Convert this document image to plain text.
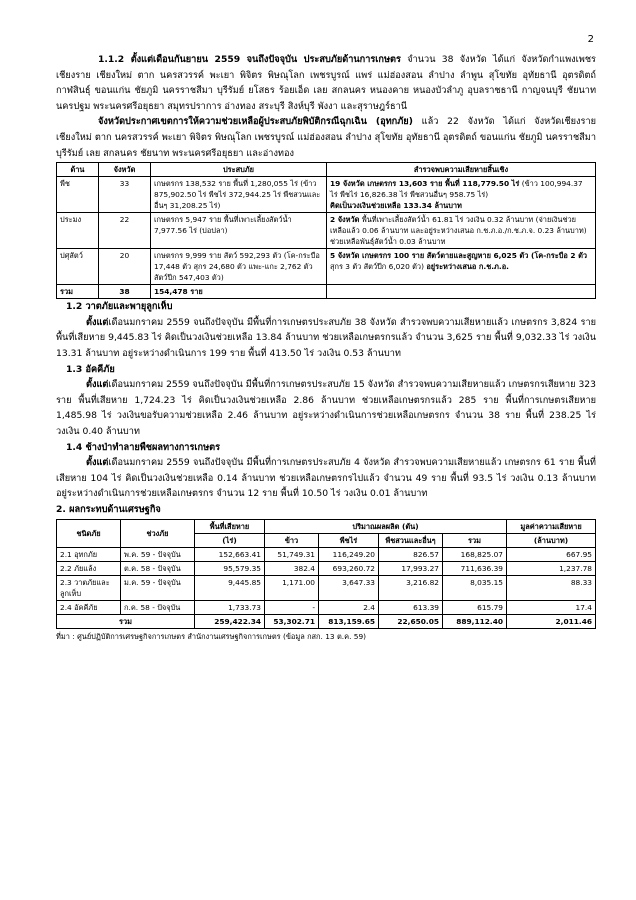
2

1.1.2 ตั้งแต่เดือนกันยายน 2559 จนถึงปัจจุบัน ประสบภัยด้านการเกษตร จำนวน 38 จังหวัด ได้แก่ จังหวัดกำแพงเพชร เชียงราย เชียงใหม่ ตาก นครสวรรค์ พะเยา พิจิตร พิษณุโลก เพชรบูรณ์ แพร่ แม่ฮ่องสอน ลำปาง ลำพูน สุโขทัย อุทัยธานี อุตรดิตถ์ กาฬสินธุ์ ขอนแก่น ชัยภูมิ นครราชสีมา บุรีรัมย์ ยโสธร ร้อยเอ็ด เลย สกลนคร หนองคาย หนองบัวลำภู อุบลราชธานี กาญจนบุรี ชัยนาท นครปฐม พระนครศรีอยุธยา สมุทรปราการ อ่างทอง สระบุรี สิงห์บุรี พังงา และสุราษฎร์ธานี

จังหวัดประกาศเขตการให้ความช่วยเหลือผู้ประสบภัยพิบัติกรณีฉุกเฉิน (อุทกภัย) แล้ว 22 จังหวัด ได้แก่ จังหวัดเชียงราย เชียงใหม่ ตาก นครสวรรค์ พะเยา พิจิตร พิษณุโลก เพชรบูรณ์ แม่ฮ่องสอน ลำปาง สุโขทัย อุทัยธานี อุตรดิตถ์ ขอนแก่น ชัยภูมิ นครราชสีมา บุรีรัมย์ เลย สกลนคร ชัยนาท พระนครศรีอยุธยา และอ่างทอง

ด้าน	จังหวัด	ประสบภัย	สำรวจพบความเสียหายสิ้นเชิง
พืช	33	เกษตรกร 138,532 ราย พื้นที่ 1,280,055 ไร่ (ข้าว 875,902.50 ไร่ พืชไร่ 372,944.25 ไร่ พืชสวนและอื่นๆ 31,208.25 ไร่)	19 จังหวัด เกษตรกร 13,603 ราย พื้นที่ 118,779.50 ไร่ (ข้าว 100,994.37 ไร่ พืชไร่ 16,826.38 ไร่ พืชสวนอื่นๆ 958.75 ไร่)
คิดเป็นวงเงินช่วยเหลือ 133.34 ล้านบาท
ประมง	22	เกษตรกร 5,947 ราย พื้นที่เพาะเลี้ยงสัตว์น้ำ 7,977.56 ไร่ (บ่อปลา)	2 จังหวัด พื้นที่เพาะเลี้ยงสัตว์น้ำ 61.81 ไร่ วงเงิน 0.32 ล้านบาท (จ่ายเงินช่วยเหลือแล้ว 0.06 ล้านบาท และอยู่ระหว่างเสนอ ก.ช.ภ.อ./ก.ช.ภ.จ. 0.23 ล้านบาท) ช่วยเหลือพันธุ์สัตว์น้ำ 0.03 ล้านบาท
ปศุสัตว์	20	เกษตรกร 9,999 ราย สัตว์ 592,293 ตัว (โค-กระบือ 17,448 ตัว สุกร 24,680 ตัว แพะ-แกะ 2,762 ตัว สัตว์ปีก 547,403 ตัว)	5 จังหวัด เกษตรกร 100 ราย สัตว์ตายและสูญหาย 6,025 ตัว (โค-กระบือ 2 ตัว สุกร 3 ตัว สัตว์ปีก 6,020 ตัว) อยู่ระหว่างเสนอ ก.ช.ภ.อ.
รวม	38	154,478 ราย	
1.2 วาตภัยและพายุลูกเห็บ

ตั้งแต่เดือนมกราคม 2559 จนถึงปัจจุบัน มีพื้นที่การเกษตรประสบภัย 38 จังหวัด สำรวจพบความเสียหายแล้ว เกษตรกร 3,824 ราย พื้นที่เสียหาย 9,445.83 ไร่ คิดเป็นวงเงินช่วยเหลือ 13.84 ล้านบาท ช่วยเหลือเกษตรกรแล้ว จำนวน 3,625 ราย พื้นที่ 9,032.33 ไร่ วงเงิน 13.31 ล้านบาท อยู่ระหว่างดำเนินการ 199 ราย พื้นที่ 413.50 ไร่ วงเงิน 0.53 ล้านบาท

1.3 อัคคีภัย

ตั้งแต่เดือนมกราคม 2559 จนถึงปัจจุบัน มีพื้นที่การเกษตรประสบภัย 15 จังหวัด สำรวจพบความเสียหายแล้ว เกษตรกรเสียหาย 323 ราย พื้นที่เสียหาย 1,724.23 ไร่ คิดเป็นวงเงินช่วยเหลือ 2.86 ล้านบาท ช่วยเหลือเกษตรกรแล้ว 285 ราย พื้นที่การเกษตรเสียหาย 1,485.98 ไร่ วงเงินขอรับความช่วยเหลือ 2.46 ล้านบาท อยู่ระหว่างดำเนินการช่วยเหลือเกษตรกร จำนวน 38 ราย พื้นที่ 238.25 ไร่ วงเงิน 0.40 ล้านบาท

1.4 ช้างป่าทำลายพืชผลทางการเกษตร

ตั้งแต่เดือนมกราคม 2559 จนถึงปัจจุบัน มีพื้นที่การเกษตรประสบภัย 4 จังหวัด สำรวจพบความเสียหายแล้ว เกษตรกร 61 ราย พื้นที่เสียหาย 104 ไร่ คิดเป็นวงเงินช่วยเหลือ 0.14 ล้านบาท ช่วยเหลือเกษตรกรไปแล้ว จำนวน 49 ราย พื้นที่ 93.5 ไร่ วงเงิน 0.13 ล้านบาท อยู่ระหว่างดำเนินการช่วยเหลือเกษตรกร จำนวน 12 ราย พื้นที่ 10.50 ไร่ วงเงิน 0.01 ล้านบาท

2. ผลกระทบด้านเศรษฐกิจ
ชนิดภัย	ช่วงภัย	พื้นที่เสียหาย	ปริมาณผลผลิต (ตัน)				มูลค่าความเสียหาย
		(ไร่)	ข้าว	พืชไร่	พืชสวนและอื่นๆ	รวม	(ล้านบาท)
2.1 อุทกภัย	พ.ค. 59 - ปัจจุบัน	152,663.41	51,749.31	116,249.20	826.57	168,825.07	667.95
2.2 ภัยแล้ง	ต.ค. 58 - ปัจจุบัน	95,579.35	382.4	693,260.72	17,993.27	711,636.39	1,237.78
2.3 วาตภัยและลูกเห็บ	ม.ค. 59 - ปัจจุบัน	9,445.85	1,171.00	3,647.33	3,216.82	8,035.15	88.33
2.4 อัคคีภัย	ก.ค. 58 - ปัจจุบัน	1,733.73	-	2.4	613.39	615.79	17.4
รวม		259,422.34	53,302.71	813,159.65	22,650.05	889,112.40	2,011.46
ที่มา : ศูนย์ปฏิบัติการเศรษฐกิจการเกษตร สำนักงานเศรษฐกิจการเกษตร (ข้อมูล กสก. 13 ต.ค. 59)
